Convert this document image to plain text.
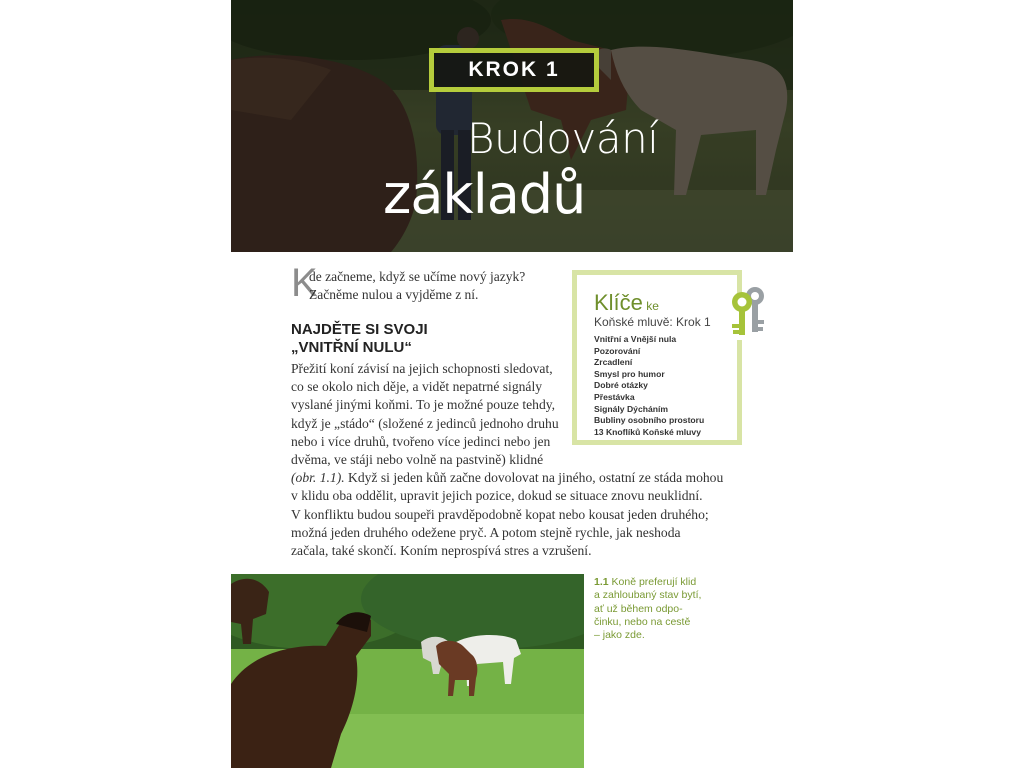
KROK 1
Budování
základů
K
de začneme, když se učíme nový jazyk?
Začněme nulou a vyjděme z ní.
NAJDĚTE SI SVOJI
„VNITŘNÍ NULU“
Přežití koní závisí na jejich schopnosti sledovat,
co se okolo nich děje, a vidět nepatrné signály
vyslané jinými koňmi. To je možné pouze tehdy,
když je „stádo“ (složené z jedinců jednoho druhu
nebo i více druhů, tvořeno více jedinci nebo jen
dvěma, ve stáji nebo volně na pastvině) klidné
(obr. 1.1). Když si jeden kůň začne dovolovat na jiného, ostatní ze stáda mohou
v klidu oba oddělit, upravit jejich pozice, dokud se situace znovu neuklidní.
V konfliktu budou soupeři pravděpodobně kopat nebo kousat jeden druhého;
možná jeden druhého odežene pryč. A potom stejně rychle, jak neshoda
začala, také skončí. Koním neprospívá stres a vzrušení.
Klíče ke
Koňské mluvě: Krok 1
Vnitřní a Vnější nula
Pozorování
Zrcadlení
Smysl pro humor
Dobré otázky
Přestávka
Signály Dýcháním
Bubliny osobního prostoru
13 Knoflíků Koňské mluvy
1.1 Koně preferují klid
a zahloubaný stav bytí,
ať už během odpo-
činku, nebo na cestě
– jako zde.
